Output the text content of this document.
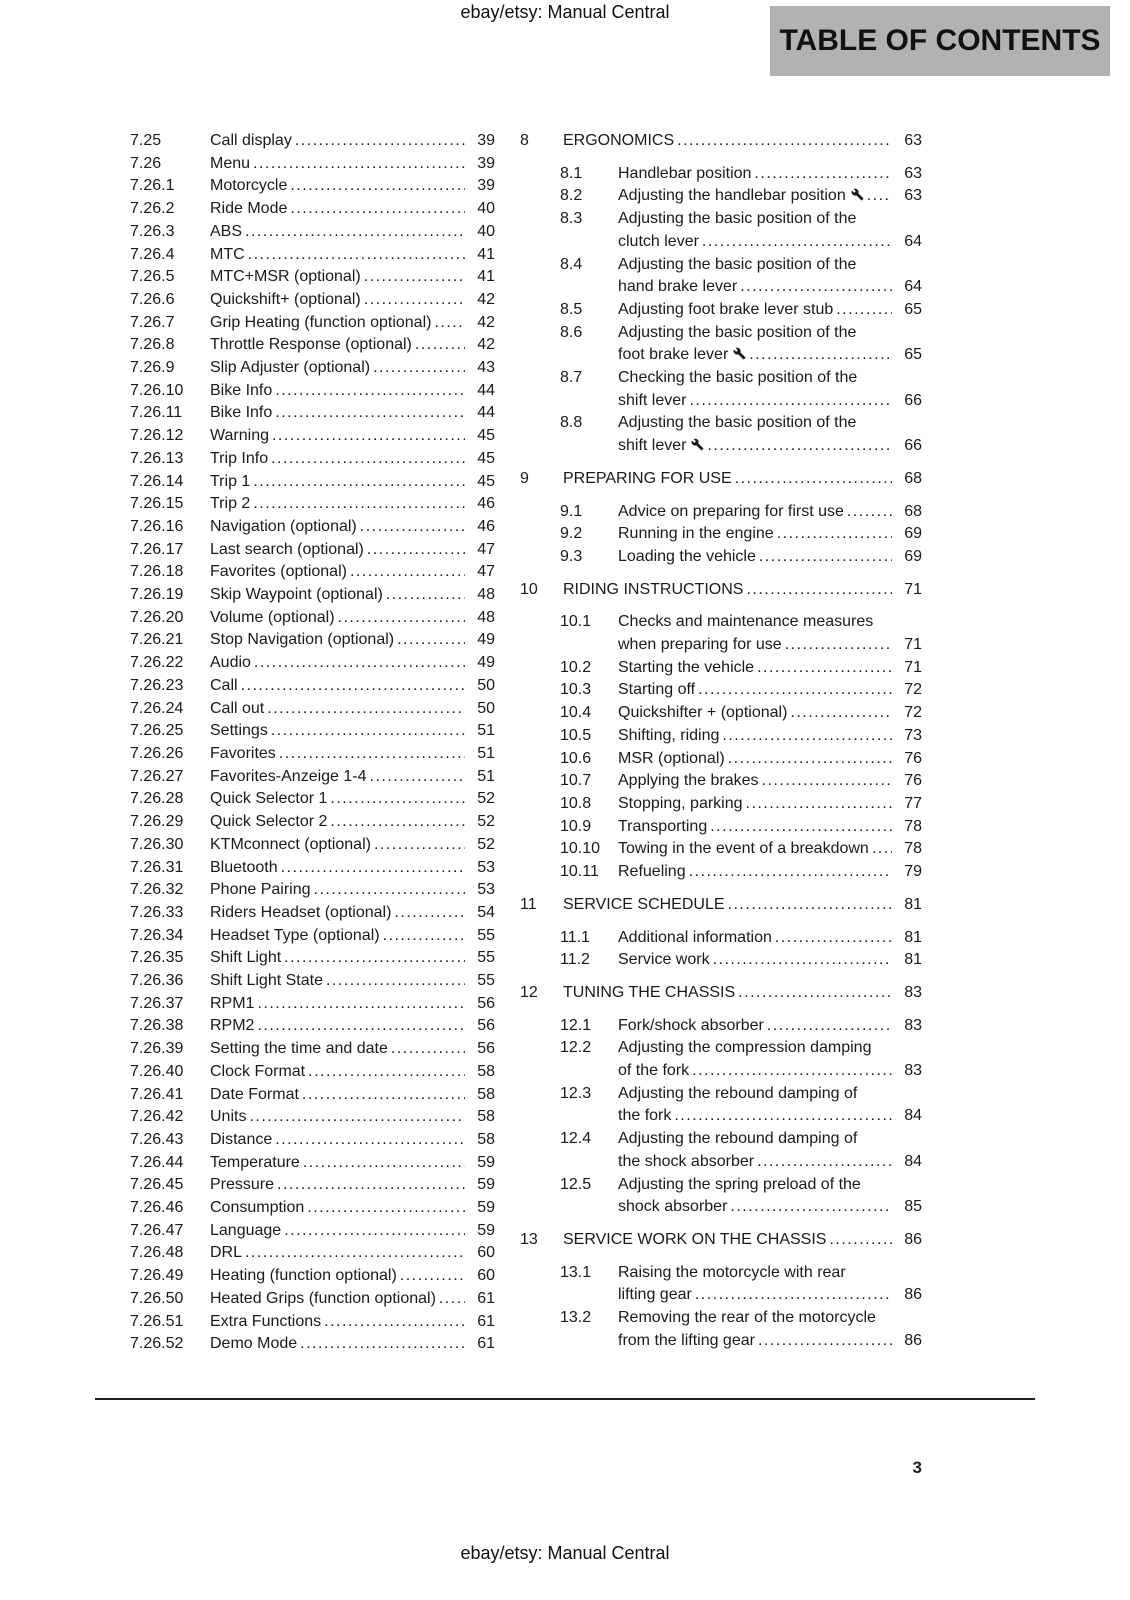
ebay/etsy: Manual Central
TABLE OF CONTENTS
7.25	Call display .....	39
7.26	Menu .....	39
7.26.1	Motorcycle .....	39
7.26.2	Ride Mode .....	40
7.26.3	ABS .....	40
7.26.4	MTC .....	41
7.26.5	MTC+MSR (optional) .....	41
7.26.6	Quickshift+ (optional) .....	42
7.26.7	Grip Heating (function optional) .....	42
7.26.8	Throttle Response (optional) .....	42
7.26.9	Slip Adjuster (optional) .....	43
7.26.10	Bike Info .....	44
7.26.11	Bike Info .....	44
7.26.12	Warning .....	45
7.26.13	Trip Info .....	45
7.26.14	Trip 1 .....	45
7.26.15	Trip 2 .....	46
7.26.16	Navigation (optional) .....	46
7.26.17	Last search (optional) .....	47
7.26.18	Favorites (optional) .....	47
7.26.19	Skip Waypoint (optional) .....	48
7.26.20	Volume (optional) .....	48
7.26.21	Stop Navigation (optional) .....	49
7.26.22	Audio .....	49
7.26.23	Call .....	50
7.26.24	Call out .....	50
7.26.25	Settings .....	51
7.26.26	Favorites .....	51
7.26.27	Favorites-Anzeige 1-4 .....	51
7.26.28	Quick Selector 1 .....	52
7.26.29	Quick Selector 2 .....	52
7.26.30	KTMconnect (optional) .....	52
7.26.31	Bluetooth .....	53
7.26.32	Phone Pairing .....	53
7.26.33	Riders Headset (optional) .....	54
7.26.34	Headset Type (optional) .....	55
7.26.35	Shift Light .....	55
7.26.36	Shift Light State .....	55
7.26.37	RPM1 .....	56
7.26.38	RPM2 .....	56
7.26.39	Setting the time and date .....	56
7.26.40	Clock Format .....	58
7.26.41	Date Format .....	58
7.26.42	Units .....	58
7.26.43	Distance .....	58
7.26.44	Temperature .....	59
7.26.45	Pressure .....	59
7.26.46	Consumption .....	59
7.26.47	Language .....	59
7.26.48	DRL .....	60
7.26.49	Heating (function optional) .....	60
7.26.50	Heated Grips (function optional) .....	61
7.26.51	Extra Functions .....	61
7.26.52	Demo Mode .....	61
8	ERGONOMICS .....	63
8.1	Handlebar position .....	63
8.2	Adjusting the handlebar position .....	63
8.3	Adjusting the basic position of the
clutch lever .....	64
8.4	Adjusting the basic position of the
hand brake lever .....	64
8.5	Adjusting foot brake lever stub .....	65
8.6	Adjusting the basic position of the
foot brake lever .....	65
8.7	Checking the basic position of the
shift lever .....	66
8.8	Adjusting the basic position of the
shift lever .....	66
9	PREPARING FOR USE .....	68
9.1	Advice on preparing for first use .....	68
9.2	Running in the engine .....	69
9.3	Loading the vehicle .....	69
10	RIDING INSTRUCTIONS .....	71
10.1	Checks and maintenance measures
when preparing for use .....	71
10.2	Starting the vehicle .....	71
10.3	Starting off .....	72
10.4	Quickshifter + (optional) .....	72
10.5	Shifting, riding .....	73
10.6	MSR (optional) .....	76
10.7	Applying the brakes .....	76
10.8	Stopping, parking .....	77
10.9	Transporting .....	78
10.10	Towing in the event of a breakdown .....	78
10.11	Refueling .....	79
11	SERVICE SCHEDULE .....	81
11.1	Additional information .....	81
11.2	Service work .....	81
12	TUNING THE CHASSIS .....	83
12.1	Fork/shock absorber .....	83
12.2	Adjusting the compression damping
of the fork .....	83
12.3	Adjusting the rebound damping of
the fork .....	84
12.4	Adjusting the rebound damping of
the shock absorber .....	84
12.5	Adjusting the spring preload of the
shock absorber .....	85
13	SERVICE WORK ON THE CHASSIS .....	86
13.1	Raising the motorcycle with rear
lifting gear .....	86
13.2	Removing the rear of the motorcycle
from the lifting gear .....	86
3
ebay/etsy: Manual Central
